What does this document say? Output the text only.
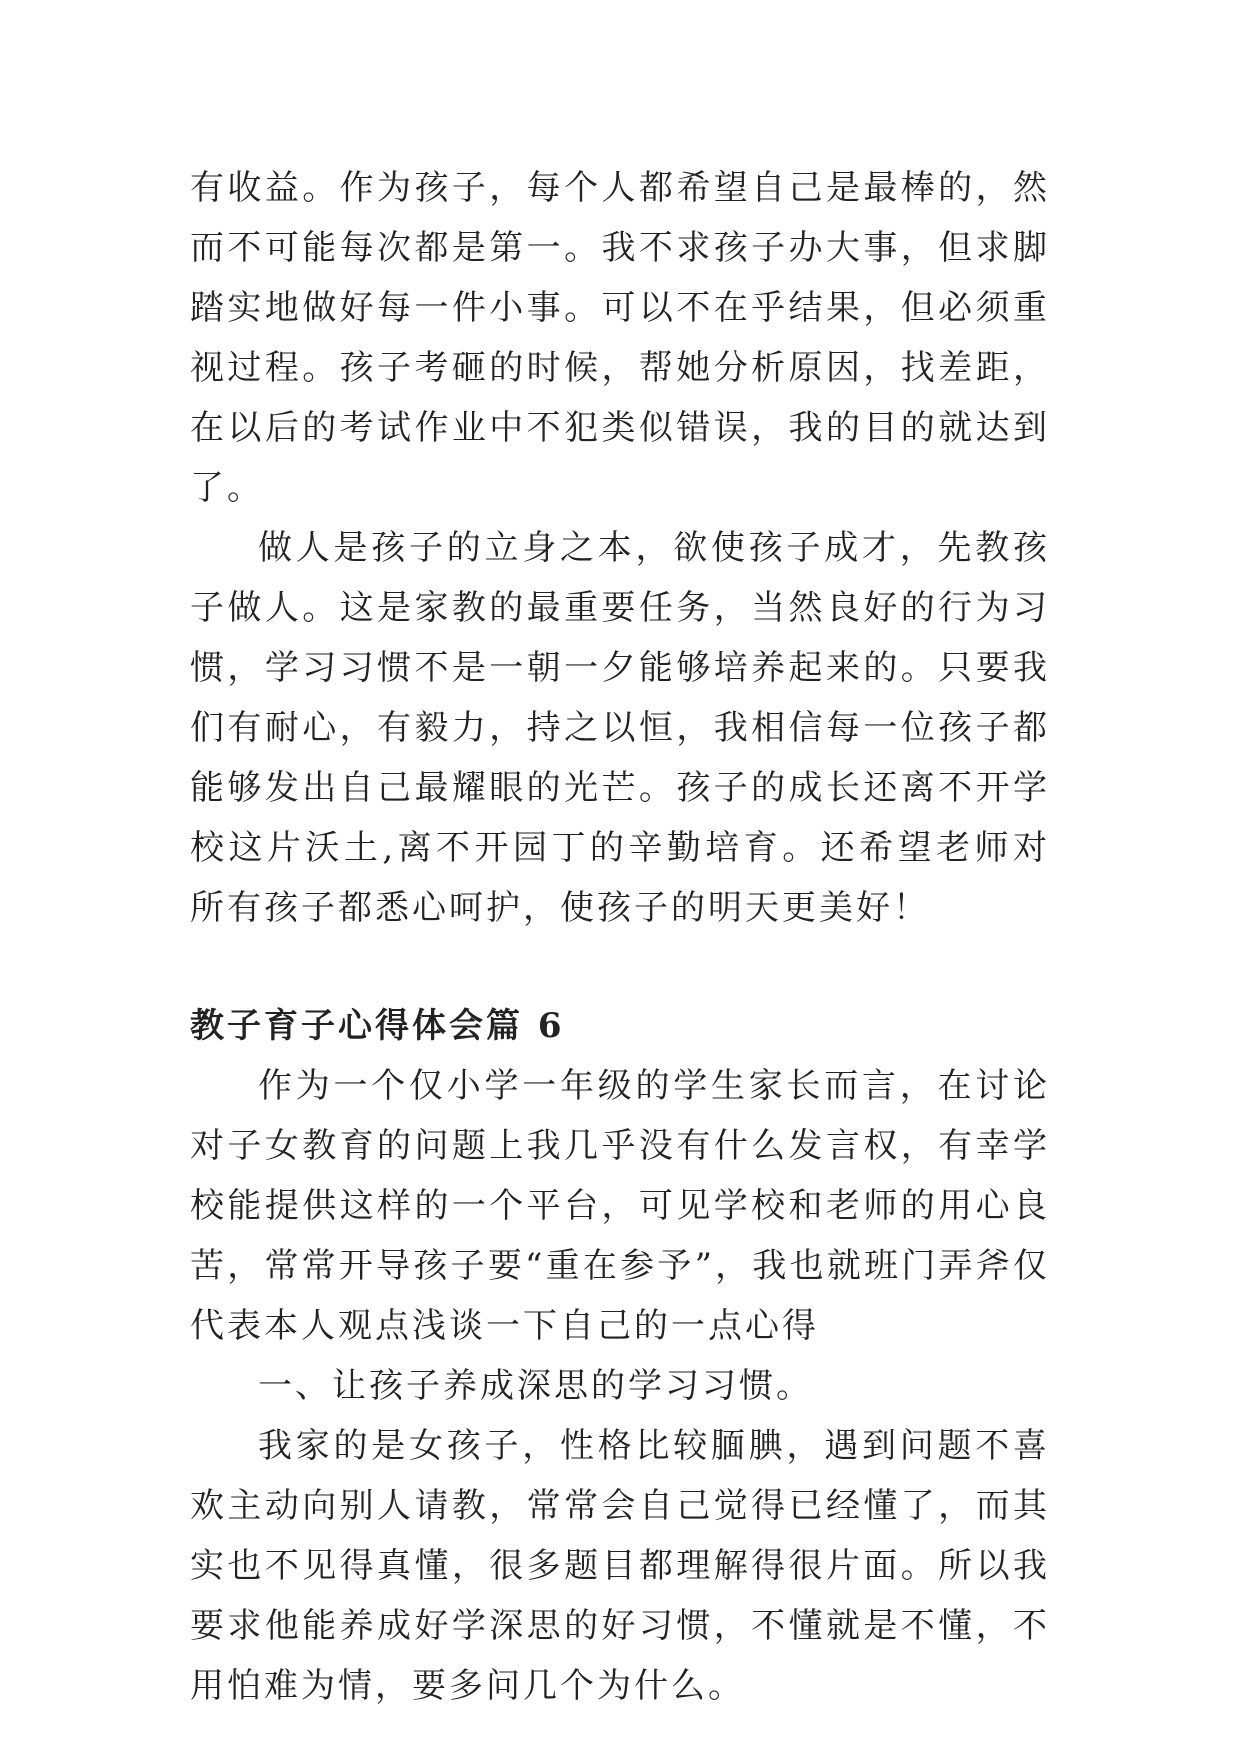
有收益。作为孩子，每个人都希望自己是最棒的，然而不可能每次都是第一。我不求孩子办大事，但求脚踏实地做好每一件小事。可以不在乎结果，但必须重视过程。孩子考砸的时候，帮她分析原因，找差距，在以后的考试作业中不犯类似错误，我的目的就达到了。

做人是孩子的立身之本，欲使孩子成才，先教孩子做人。这是家教的最重要任务，当然良好的行为习惯，学习习惯不是一朝一夕能够培养起来的。只要我们有耐心，有毅力，持之以恒，我相信每一位孩子都能够发出自己最耀眼的光芒。孩子的成长还离不开学校这片沃土,离不开园丁的辛勤培育。还希望老师对所有孩子都悉心呵护，使孩子的明天更美好！

教子育子心得体会篇 6

作为一个仅小学一年级的学生家长而言，在讨论对子女教育的问题上我几乎没有什么发言权，有幸学校能提供这样的一个平台，可见学校和老师的用心良苦，常常开导孩子要“重在参予”，我也就班门弄斧仅代表本人观点浅谈一下自己的一点心得

一、让孩子养成深思的学习习惯。

我家的是女孩子，性格比较腼腆，遇到问题不喜欢主动向别人请教，常常会自己觉得已经懂了，而其实也不见得真懂，很多题目都理解得很片面。所以我要求他能养成好学深思的好习惯，不懂就是不懂，不用怕难为情，要多问几个为什么。
